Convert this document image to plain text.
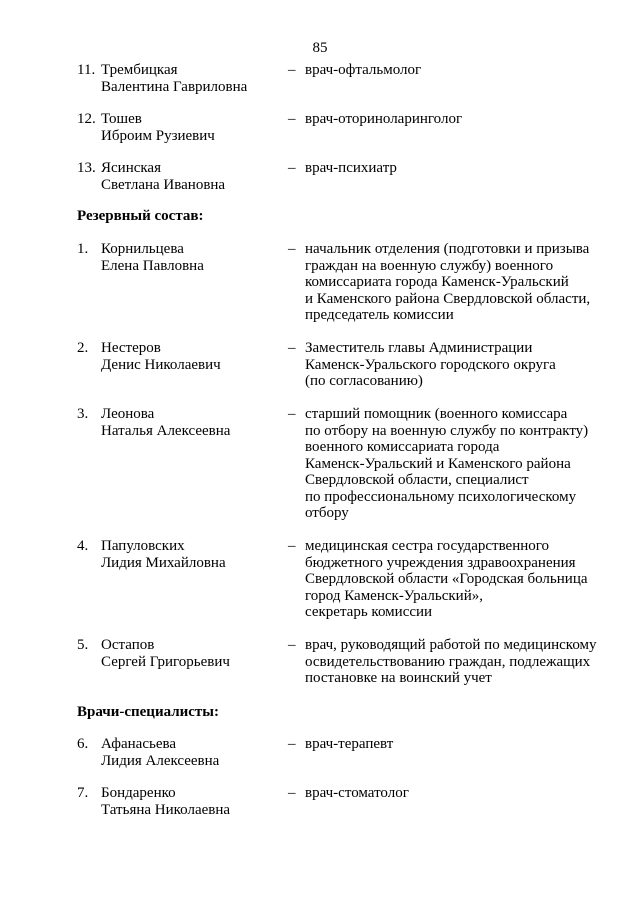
85
Резервный состав:
Врачи-специалисты:
11. Трембицкая
Валентина Гавриловна
– врач-офтальмолог
12. Тошев
Иброим Рузиевич
– врач-оториноларинголог
13. Ясинская
Светлана Ивановна
– врач-психиатр
1. Корнильцева
Елена Павловна
– начальник отделения (подготовки и призыва
граждан на военную службу) военного
комиссариата города Каменск-Уральский
и Каменского района Свердловской области,
председатель комиссии
2. Нестеров
Денис Николаевич
– Заместитель главы Администрации
Каменск-Уральского городского округа
(по согласованию)
3. Леонова
Наталья Алексеевна
– старший помощник (военного комиссара
по отбору на военную службу по контракту)
военного комиссариата города
Каменск-Уральский и Каменского района
Свердловской области, специалист
по профессиональному психологическому
отбору
4. Папуловских
Лидия Михайловна
– медицинская сестра государственного
бюджетного учреждения здравоохранения
Свердловской области «Городская больница
город Каменск-Уральский»,
секретарь комиссии
5. Остапов
Сергей Григорьевич
– врач, руководящий работой по медицинскому
освидетельствованию граждан, подлежащих
постановке на воинский учет
6. Афанасьева
Лидия Алексеевна
– врач-терапевт
7. Бондаренко
Татьяна Николаевна
– врач-стоматолог
